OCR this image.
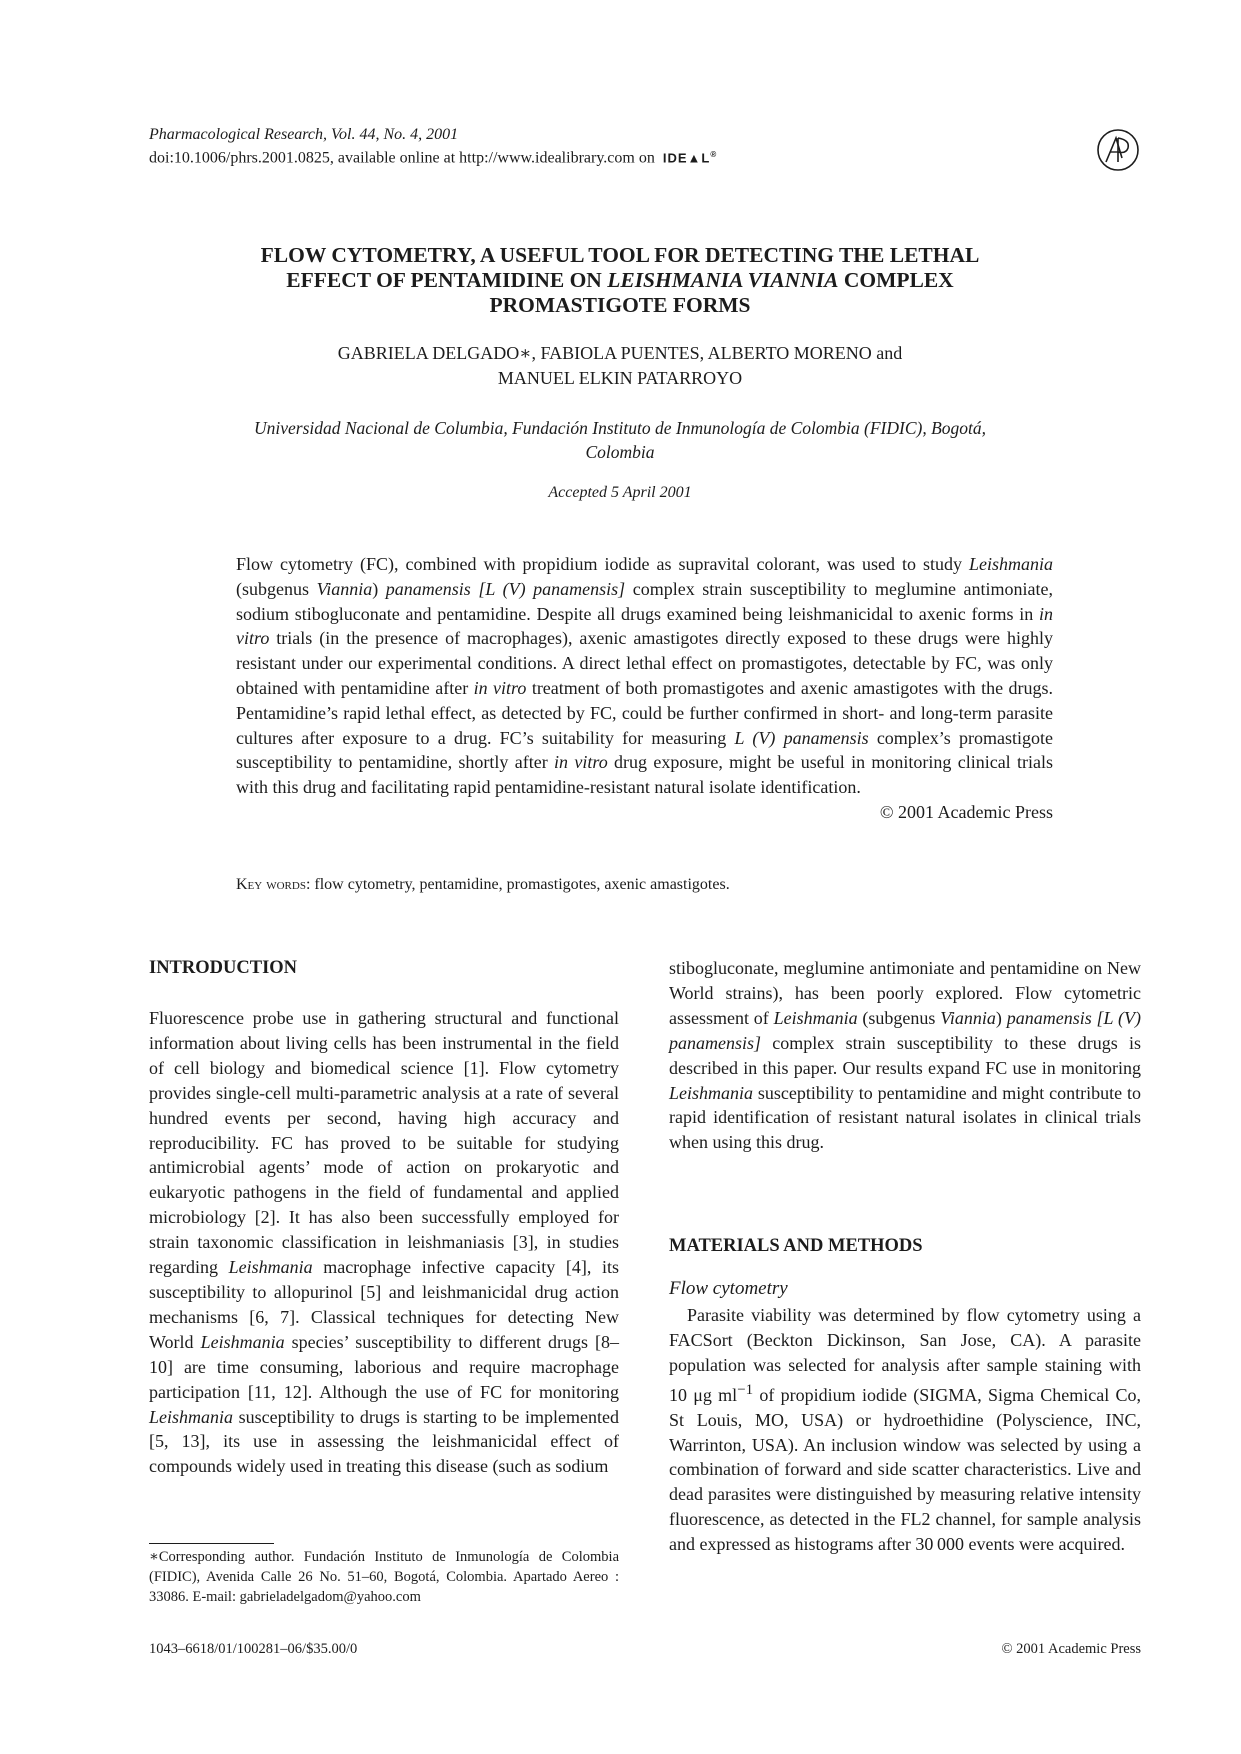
Pharmacological Research, Vol. 44, No. 4, 2001
doi:10.1006/phrs.2001.0825, available online at http://www.idealibrary.com on IDE▲L®
FLOW CYTOMETRY, A USEFUL TOOL FOR DETECTING THE LETHAL
EFFECT OF PENTAMIDINE ON LEISHMANIA VIANNIA COMPLEX
PROMASTIGOTE FORMS
GABRIELA DELGADO∗, FABIOLA PUENTES, ALBERTO MORENO and
MANUEL ELKIN PATARROYO
Universidad Nacional de Columbia, Fundación Instituto de Inmunología de Colombia (FIDIC), Bogotá,
Colombia
Accepted 5 April 2001

Flow cytometry (FC), combined with propidium iodide as supravital colorant, was used to study Leishmania (subgenus Viannia) panamensis [L (V) panamensis] complex strain susceptibility to meglumine antimoniate, sodium stibogluconate and pentamidine. Despite all drugs examined being leishmanicidal to axenic forms in in vitro trials (in the presence of macrophages), axenic amastigotes directly exposed to these drugs were highly resistant under our experimental conditions. A direct lethal effect on promastigotes, detectable by FC, was only obtained with pentamidine after in vitro treatment of both promastigotes and axenic amastigotes with the drugs. Pentamidine’s rapid lethal effect, as detected by FC, could be further confirmed in short- and long-term parasite cultures after exposure to a drug. FC’s suitability for measuring L (V) panamensis complex’s promastigote susceptibility to pentamidine, shortly after in vitro drug exposure, might be useful in monitoring clinical trials with this drug and facilitating rapid pentamidine-resistant natural isolate identification.

© 2001 Academic Press
Key words: flow cytometry, pentamidine, promastigotes, axenic amastigotes.
INTRODUCTION

Fluorescence probe use in gathering structural and functional information about living cells has been instrumental in the field of cell biology and biomedical science [1]. Flow cytometry provides single-cell multi-parametric analysis at a rate of several hundred events per second, having high accuracy and reproducibility. FC has proved to be suitable for studying antimicrobial agents’ mode of action on prokaryotic and eukaryotic pathogens in the field of fundamental and applied microbiology [2]. It has also been successfully employed for strain taxonomic classification in leishmaniasis [3], in studies regarding Leishmania macrophage infective capacity [4], its susceptibility to allopurinol [5] and leishmanicidal drug action mechanisms [6, 7]. Classical techniques for detecting New World Leishmania species’ susceptibility to different drugs [8–10] are time consuming, laborious and require macrophage participation [11, 12]. Although the use of FC for monitoring Leishmania susceptibility to drugs is starting to be implemented [5, 13], its use in assessing the leishmanicidal effect of compounds widely used in treating this disease (such as sodium

stibogluconate, meglumine antimoniate and pentamidine on New World strains), has been poorly explored. Flow cytometric assessment of Leishmania (subgenus Viannia) panamensis [L (V) panamensis] complex strain susceptibility to these drugs is described in this paper. Our results expand FC use in monitoring Leishmania susceptibility to pentamidine and might contribute to rapid identification of resistant natural isolates in clinical trials when using this drug.

MATERIALS AND METHODS
Flow cytometry

Parasite viability was determined by flow cytometry using a FACSort (Beckton Dickinson, San Jose, CA). A parasite population was selected for analysis after sample staining with 10 μg $ml^{-1}$ of propidium iodide (SIGMA, Sigma Chemical Co, St Louis, MO, USA) or hydroethidine (Polyscience, INC, Warrinton, USA). An inclusion window was selected by using a combination of forward and side scatter characteristics. Live and dead parasites were distinguished by measuring relative intensity fluorescence, as detected in the FL2 channel, for sample analysis and expressed as histograms after 30 000 events were acquired.

∗Corresponding author. Fundación Instituto de Inmunología de Colombia (FIDIC), Avenida Calle 26 No. 51–60, Bogotá, Colombia. Apartado Aereo : 33086. E-mail: gabrieladelgadom@yahoo.com
1043–6618/01/100281–06/$35.00/0	© 2001 Academic Press
